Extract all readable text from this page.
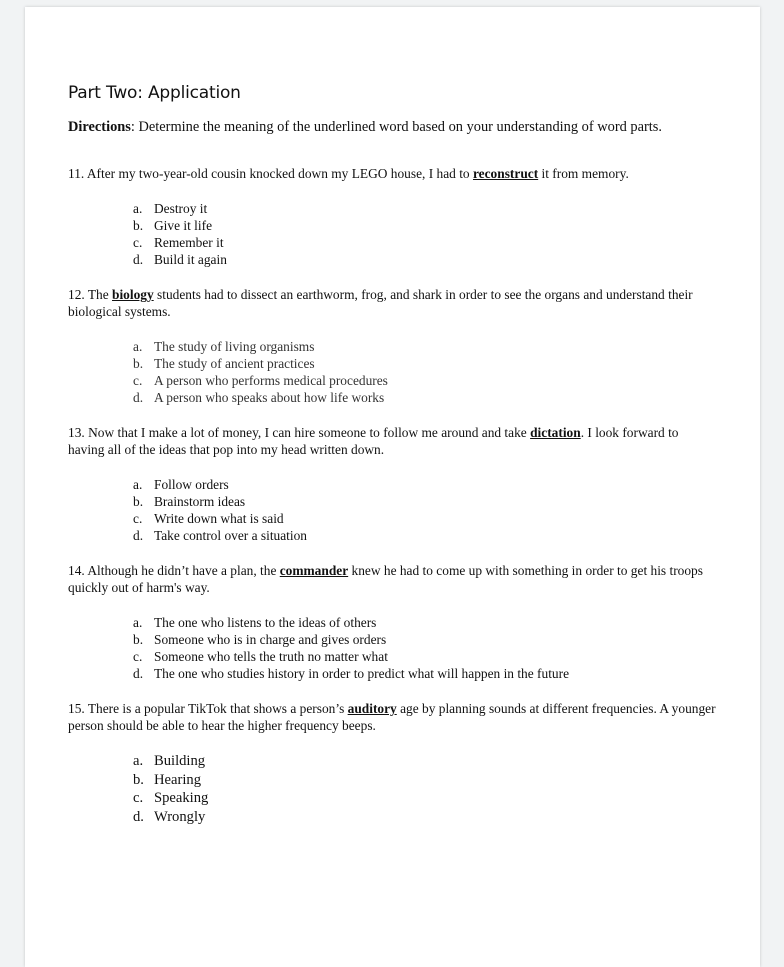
Part Two: Application

Directions: Determine the meaning of the underlined word based on your understanding of word parts.

11. After my two-year-old cousin knocked down my LEGO house, I had to reconstruct it from memory.

a. Destroy it
b. Give it life
c. Remember it
d. Build it again

12. The biology students had to dissect an earthworm, frog, and shark in order to see the organs and understand their biological systems.

a. The study of living organisms
b. The study of ancient practices
c. A person who performs medical procedures
d. A person who speaks about how life works

13. Now that I make a lot of money, I can hire someone to follow me around and take dictation. I look forward to having all of the ideas that pop into my head written down.

a. Follow orders
b. Brainstorm ideas
c. Write down what is said
d. Take control over a situation

14. Although he didn’t have a plan, the commander knew he had to come up with something in order to get his troops quickly out of harm's way.

a. The one who listens to the ideas of others
b. Someone who is in charge and gives orders
c. Someone who tells the truth no matter what
d. The one who studies history in order to predict what will happen in the future

15. There is a popular TikTok that shows a person’s auditory age by planning sounds at different frequencies. A younger person should be able to hear the higher frequency beeps.

a. Building
b. Hearing
c. Speaking
d. Wrongly
